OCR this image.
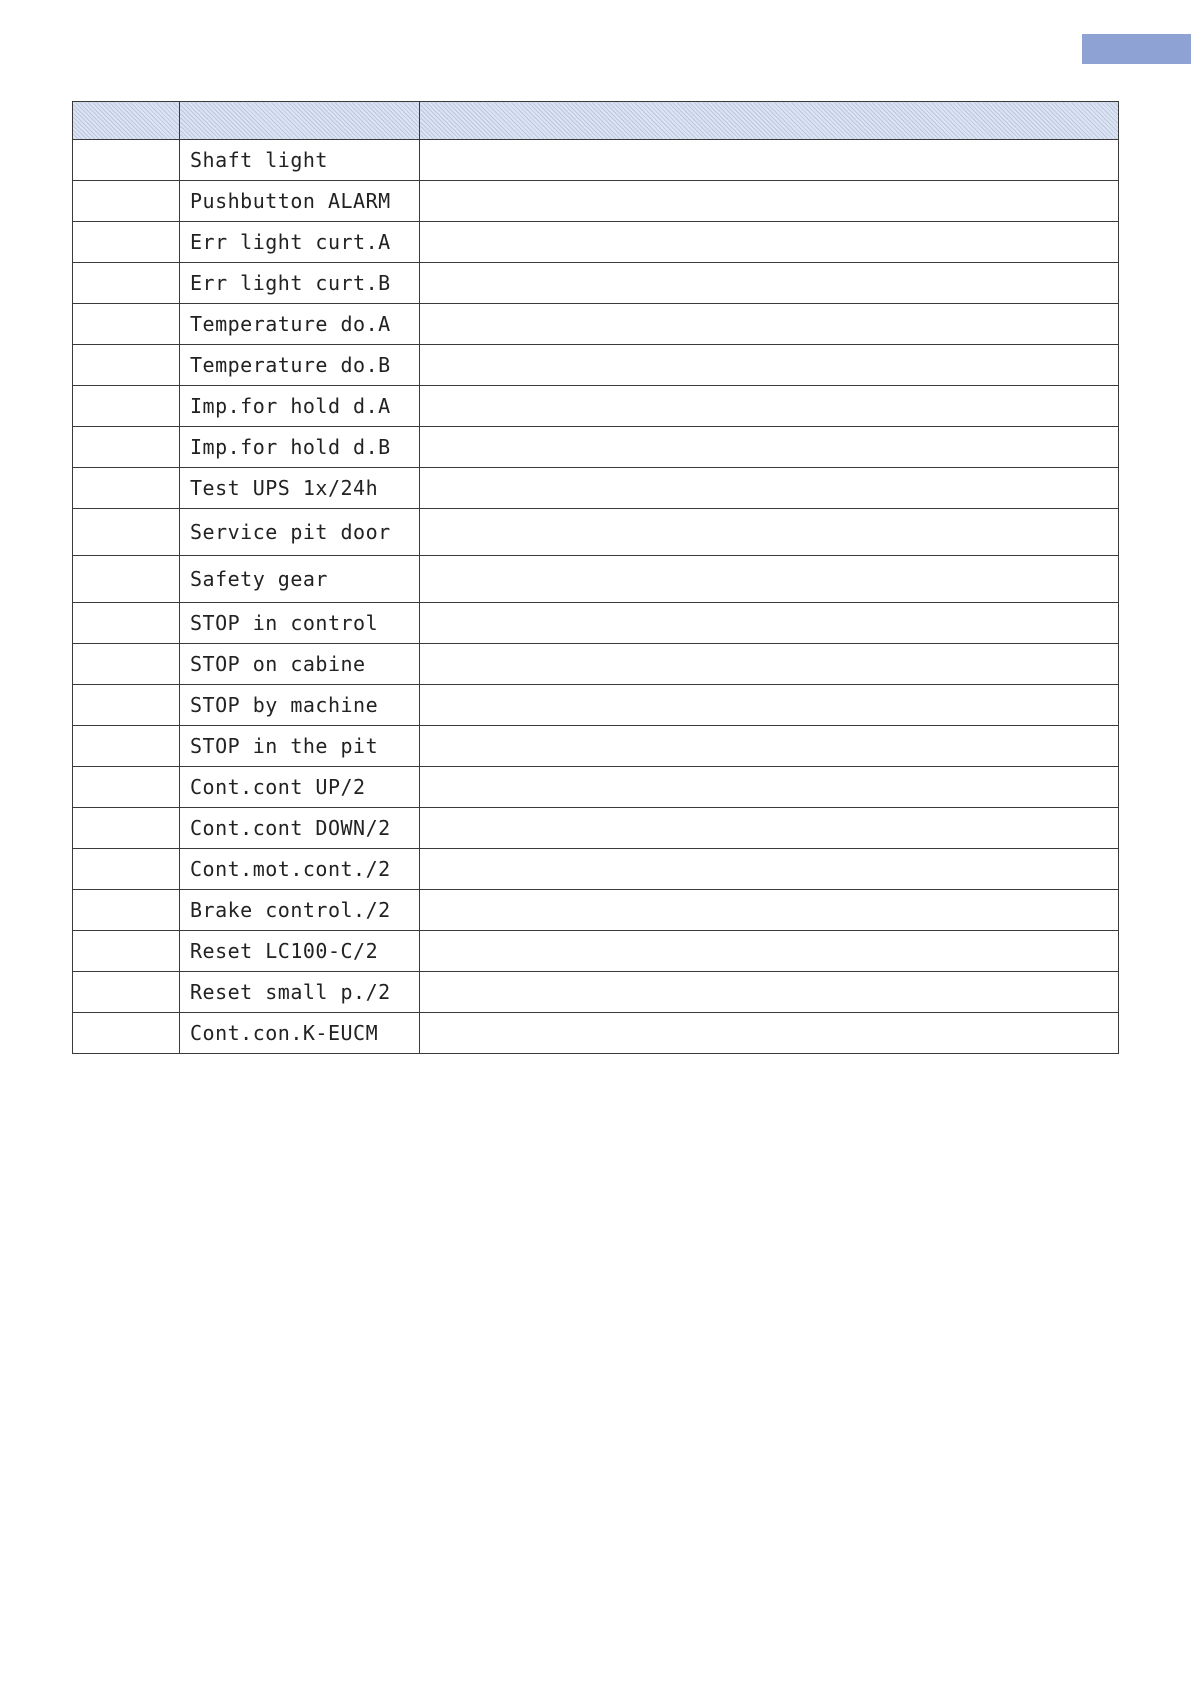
	Shaft light	
	Pushbutton ALARM	
	Err light curt.A	
	Err light curt.B	
	Temperature do.A	
	Temperature do.B	
	Imp.for hold d.A	
	Imp.for hold d.B	
	Test UPS 1x/24h	
	Service pit door	
	Safety gear	
	STOP in control	
	STOP on cabine	
	STOP by machine	
	STOP in the pit	
	Cont.cont UP/2	
	Cont.cont DOWN/2	
	Cont.mot.cont./2	
	Brake control./2	
	Reset LC100-C/2	
	Reset small p./2	
	Cont.con.K-EUCM	
